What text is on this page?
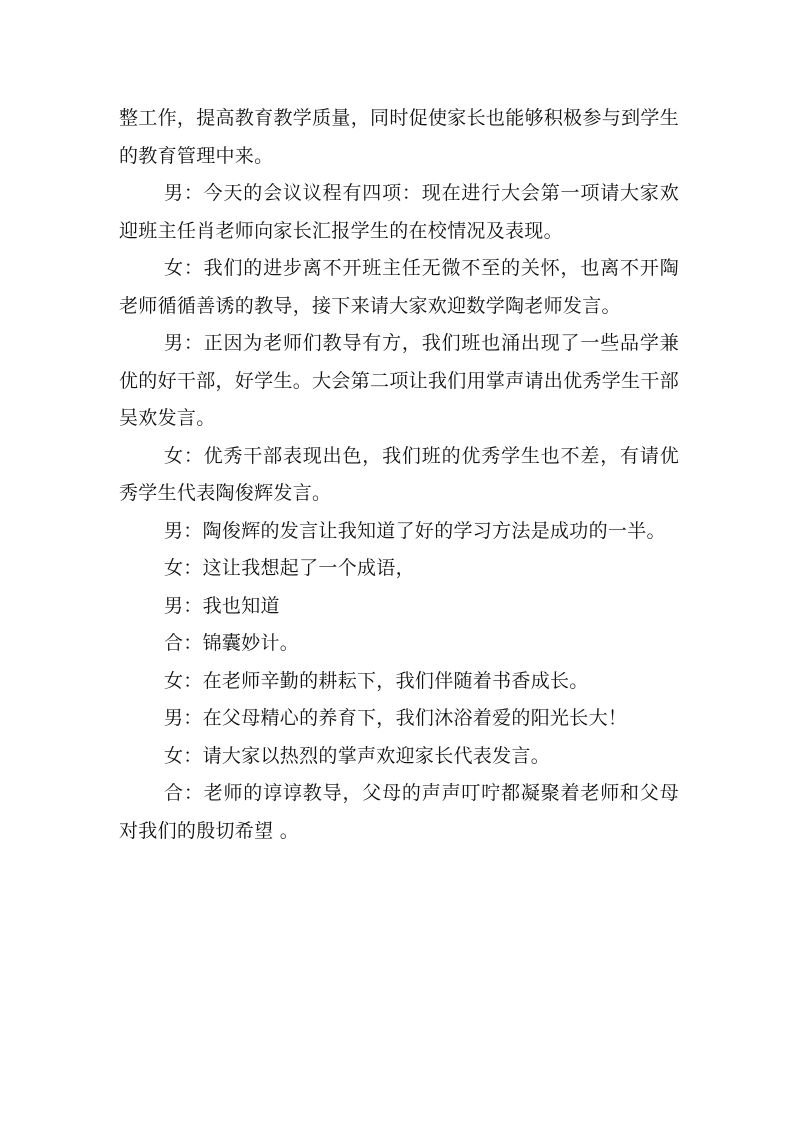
整工作，提高教育教学质量，同时促使家长也能够积极参与到学生的教育管理中来。

男：今天的会议议程有四项：现在进行大会第一项请大家欢迎班主任肖老师向家长汇报学生的在校情况及表现。

女：我们的进步离不开班主任无微不至的关怀，也离不开陶老师循循善诱的教导，接下来请大家欢迎数学陶老师发言。

男：正因为老师们教导有方，我们班也涌出现了一些品学兼优的好干部，好学生。大会第二项让我们用掌声请出优秀学生干部吴欢发言。

女：优秀干部表现出色，我们班的优秀学生也不差，有请优秀学生代表陶俊辉发言。

男：陶俊辉的发言让我知道了好的学习方法是成功的一半。

女：这让我想起了一个成语，

男：我也知道

合：锦囊妙计。

女：在老师辛勤的耕耘下，我们伴随着书香成长。

男：在父母精心的养育下，我们沐浴着爱的阳光长大！

女：请大家以热烈的掌声欢迎家长代表发言。

合：老师的谆谆教导，父母的声声叮咛都凝聚着老师和父母对我们的殷切希望 。
